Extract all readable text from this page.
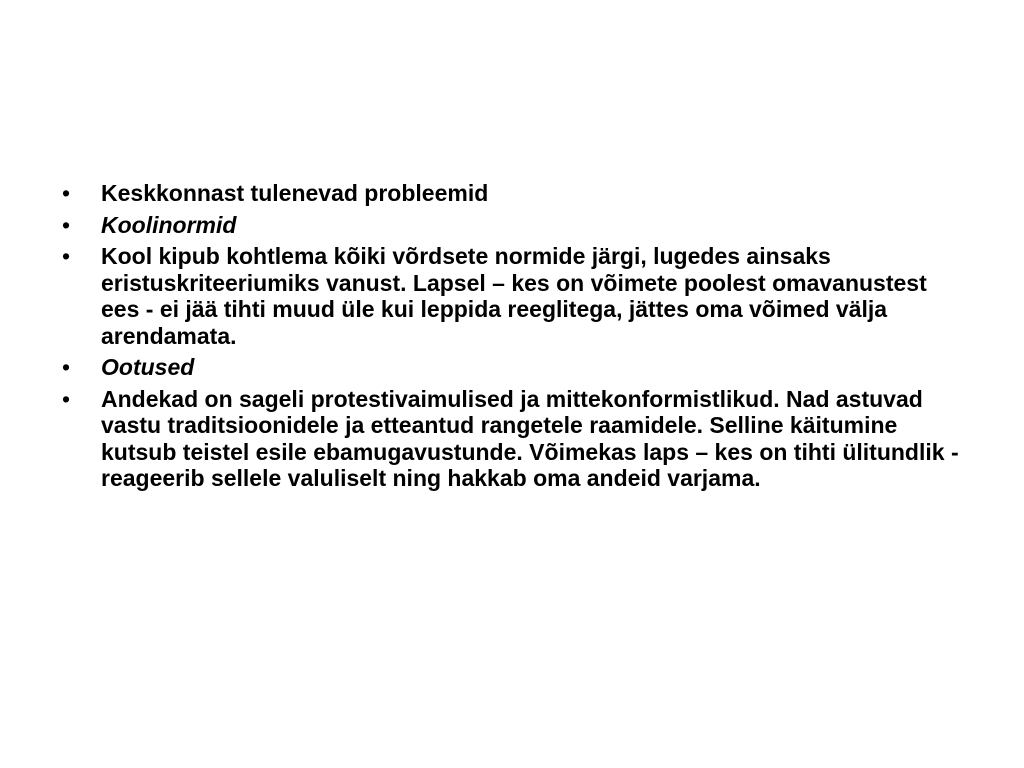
• Keskkonnast tulenevad probleemid
• Koolinormid
• Kool kipub kohtlema kõiki võrdsete normide järgi, lugedes ainsaks eristuskriteeriumiks vanust. Lapsel – kes on võimete poolest omavanustest ees - ei jää tihti muud üle kui leppida reeglitega, jättes oma võimed välja arendamata.
• Ootused
• Andekad on sageli protestivaimulised ja mittekonformistlikud. Nad astuvad vastu traditsioonidele ja etteantud rangetele raamidele. Selline käitumine kutsub teistel esile ebamugavustunde. Võimekas laps – kes on tihti ülitundlik - reageerib sellele valuliselt ning hakkab oma andeid varjama.
